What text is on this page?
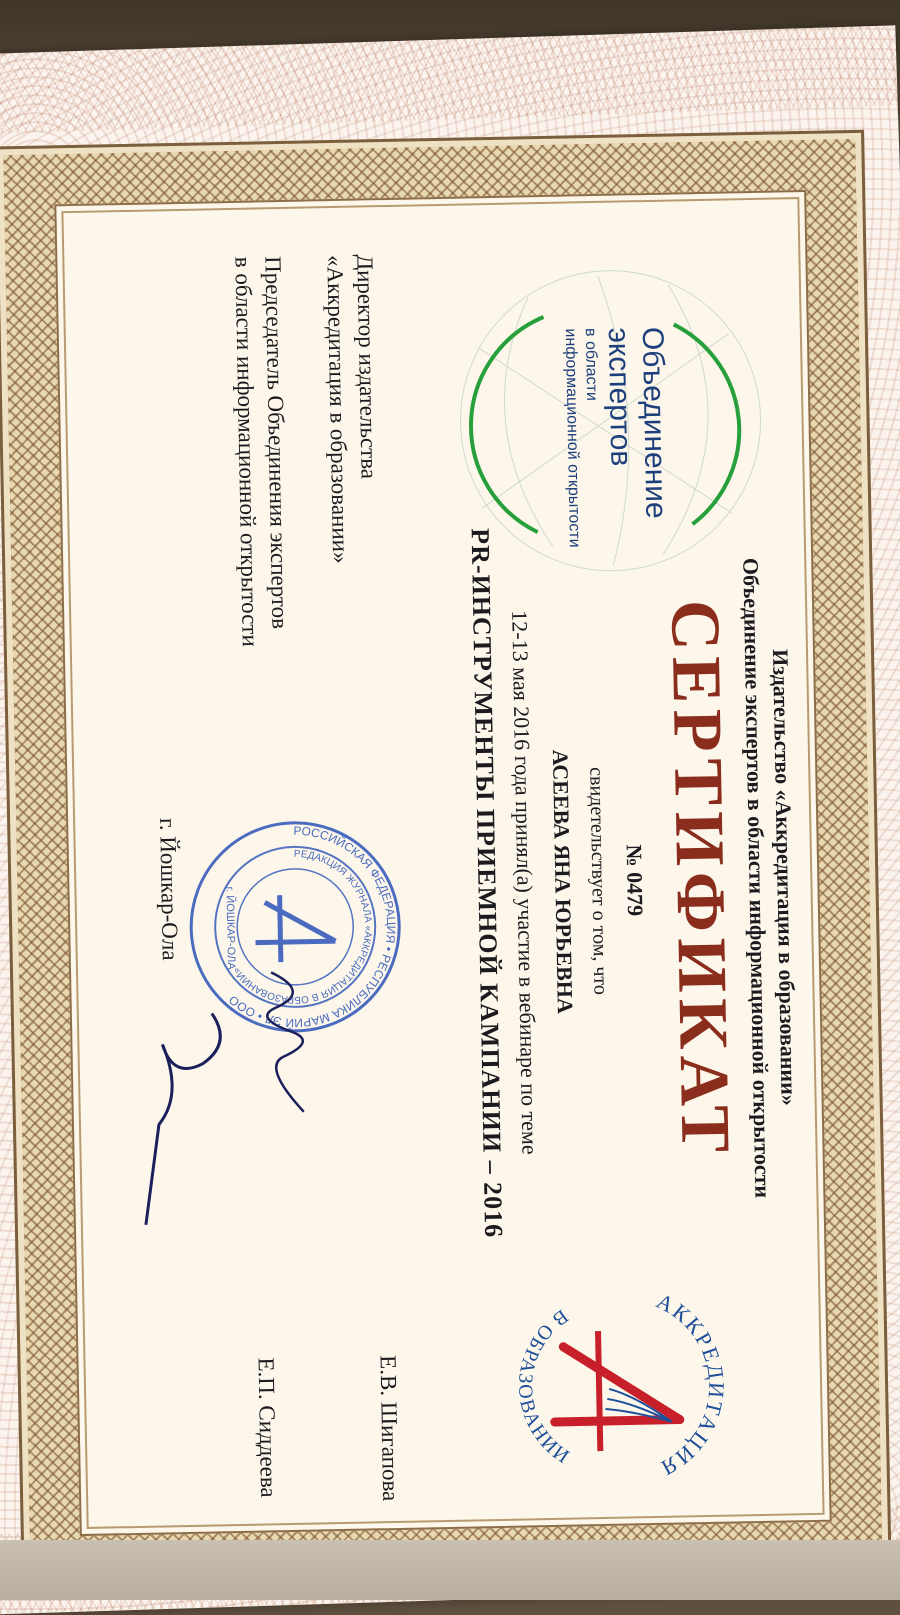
Объединение
экспертов
в области
информационной открытости
Издательство «Аккредитация в образовании»
Объединение экспертов в области информационной открытости
СЕРТИФИКАТ
№ 0479
свидетельствует о том, что
АСЕЕВА ЯНА ЮРЬЕВНА
12-13 мая 2016 года принял(а) участие в вебинаре по теме
PR-ИНСТРУМЕНТЫ ПРИЕМНОЙ КАМПАНИИ – 2016
АККРЕДИТАЦИЯ
В ОБРАЗОВАНИИ
Директор издательства
«Аккредитация в образовании»
Е.В. Шигапова
Председатель Объединения экспертов
в области информационной открытости
Е.П. Сиддеева
РОССИЙСКАЯ ФЕДЕРАЦИЯ • РЕСПУБЛИКА МАРИЙ ЭЛ • ООО
РЕДАКЦИЯ ЖУРНАЛА «АККРЕДИТАЦИЯ В ОБРАЗОВАНИИ»
г. ЙОШКАР-ОЛА
г. Йошкар-Ола
